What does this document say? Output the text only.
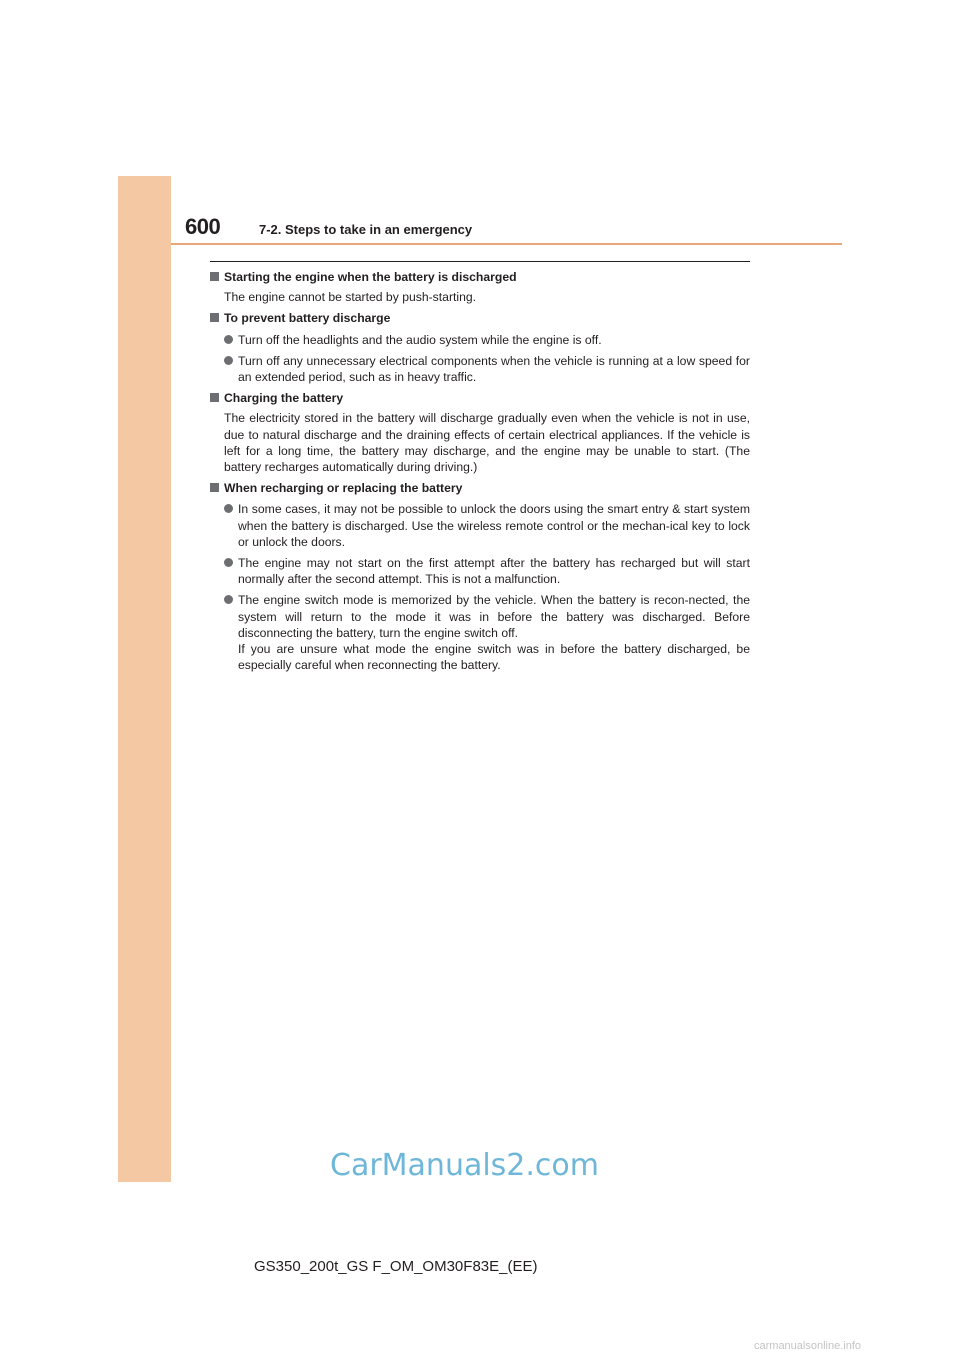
600	7-2. Steps to take in an emergency
Starting the engine when the battery is discharged
The engine cannot be started by push-starting.
To prevent battery discharge
Turn off the headlights and the audio system while the engine is off.
Turn off any unnecessary electrical components when the vehicle is running at a low speed for an extended period, such as in heavy traffic.
Charging the battery
The electricity stored in the battery will discharge gradually even when the vehicle is not in use, due to natural discharge and the draining effects of certain electrical appliances. If the vehicle is left for a long time, the battery may discharge, and the engine may be unable to start. (The battery recharges automatically during driving.)
When recharging or replacing the battery
In some cases, it may not be possible to unlock the doors using the smart entry & start system when the battery is discharged. Use the wireless remote control or the mechan-ical key to lock or unlock the doors.
The engine may not start on the first attempt after the battery has recharged but will start normally after the second attempt. This is not a malfunction.
The engine switch mode is memorized by the vehicle. When the battery is recon-nected, the system will return to the mode it was in before the battery was discharged. Before disconnecting the battery, turn the engine switch off.
If you are unsure what mode the engine switch was in before the battery discharged, be especially careful when reconnecting the battery.
CarManuals2.com
GS350_200t_GS F_OM_OM30F83E_(EE)
carmanualsonline.info
